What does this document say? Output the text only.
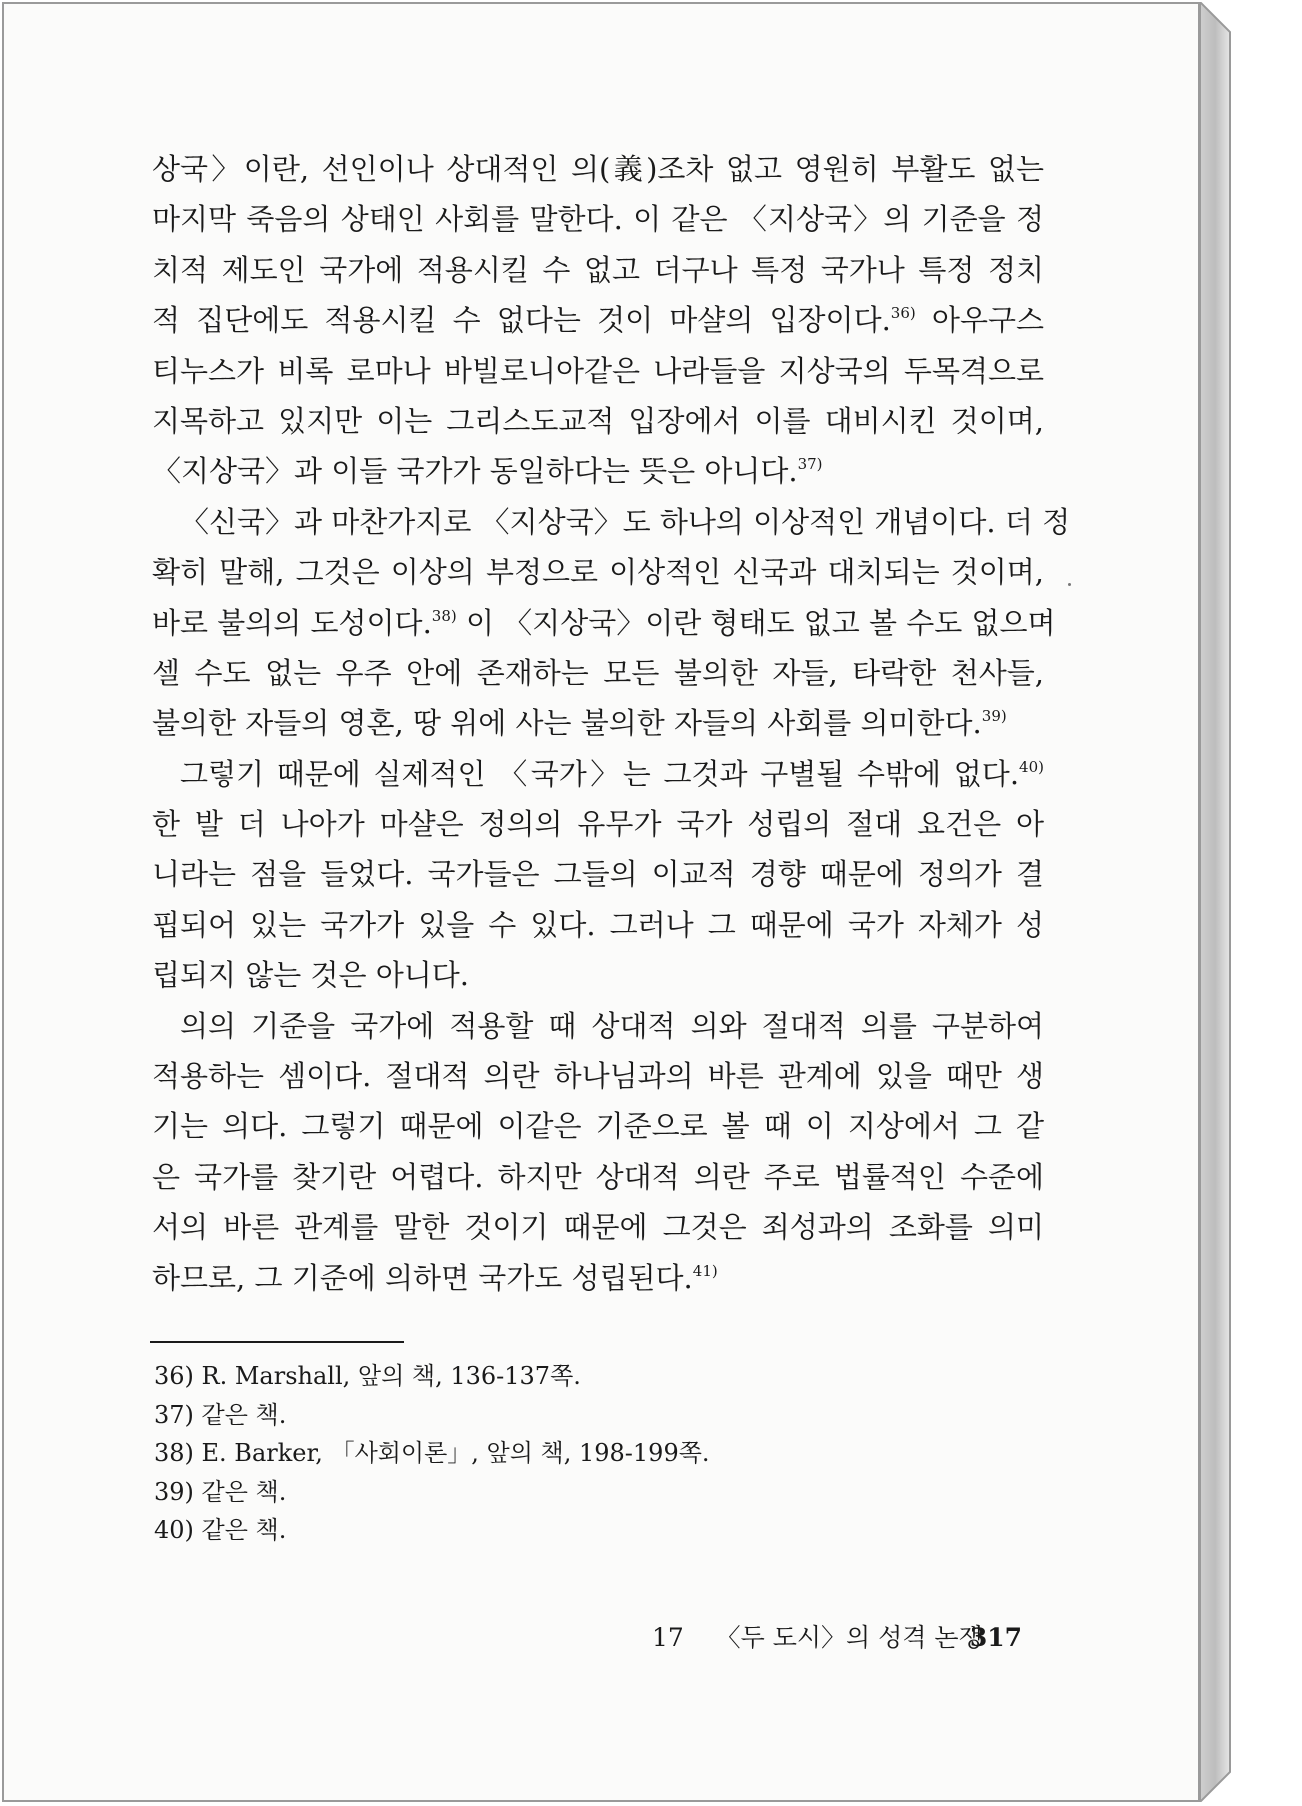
상국〉이란, 선인이나 상대적인 의(義)조차 없고 영원히 부활도 없는
마지막 죽음의 상태인 사회를 말한다. 이 같은 〈지상국〉의 기준을 정
치적 제도인 국가에 적용시킬 수 없고 더구나 특정 국가나 특정 정치
적 집단에도 적용시킬 수 없다는 것이 마샬의 입장이다.$^{36)}$ 아우구스
티누스가 비록 로마나 바빌로니아같은 나라들을 지상국의 두목격으로
지목하고 있지만 이는 그리스도교적 입장에서 이를 대비시킨 것이며,
〈지상국〉과 이들 국가가 동일하다는 뜻은 아니다.$^{37)}$
〈신국〉과 마찬가지로 〈지상국〉도 하나의 이상적인 개념이다. 더 정
확히 말해, 그것은 이상의 부정으로 이상적인 신국과 대치되는 것이며,
바로 불의의 도성이다.$^{38)}$ 이 〈지상국〉이란 형태도 없고 볼 수도 없으며
셀 수도 없는 우주 안에 존재하는 모든 불의한 자들, 타락한 천사들,
불의한 자들의 영혼, 땅 위에 사는 불의한 자들의 사회를 의미한다.$^{39)}$
그렇기 때문에 실제적인 〈국가〉는 그것과 구별될 수밖에 없다.$^{40)}$
한 발 더 나아가 마샬은 정의의 유무가 국가 성립의 절대 요건은 아
니라는 점을 들었다. 국가들은 그들의 이교적 경향 때문에 정의가 결
핍되어 있는 국가가 있을 수 있다. 그러나 그 때문에 국가 자체가 성
립되지 않는 것은 아니다.
의의 기준을 국가에 적용할 때 상대적 의와 절대적 의를 구분하여
적용하는 셈이다. 절대적 의란 하나님과의 바른 관계에 있을 때만 생
기는 의다. 그렇기 때문에 이같은 기준으로 볼 때 이 지상에서 그 같
은 국가를 찾기란 어렵다. 하지만 상대적 의란 주로 법률적인 수준에
서의 바른 관계를 말한 것이기 때문에 그것은 죄성과의 조화를 의미
하므로, 그 기준에 의하면 국가도 성립된다.$^{41)}$
36) R. Marshall, 앞의 책, 136-137쪽.
37) 같은 책.
38) E. Barker, 「사회이론」, 앞의 책, 198-199쪽.
39) 같은 책.
40) 같은 책.
17 〈두 도시〉의 성격 논쟁
317
